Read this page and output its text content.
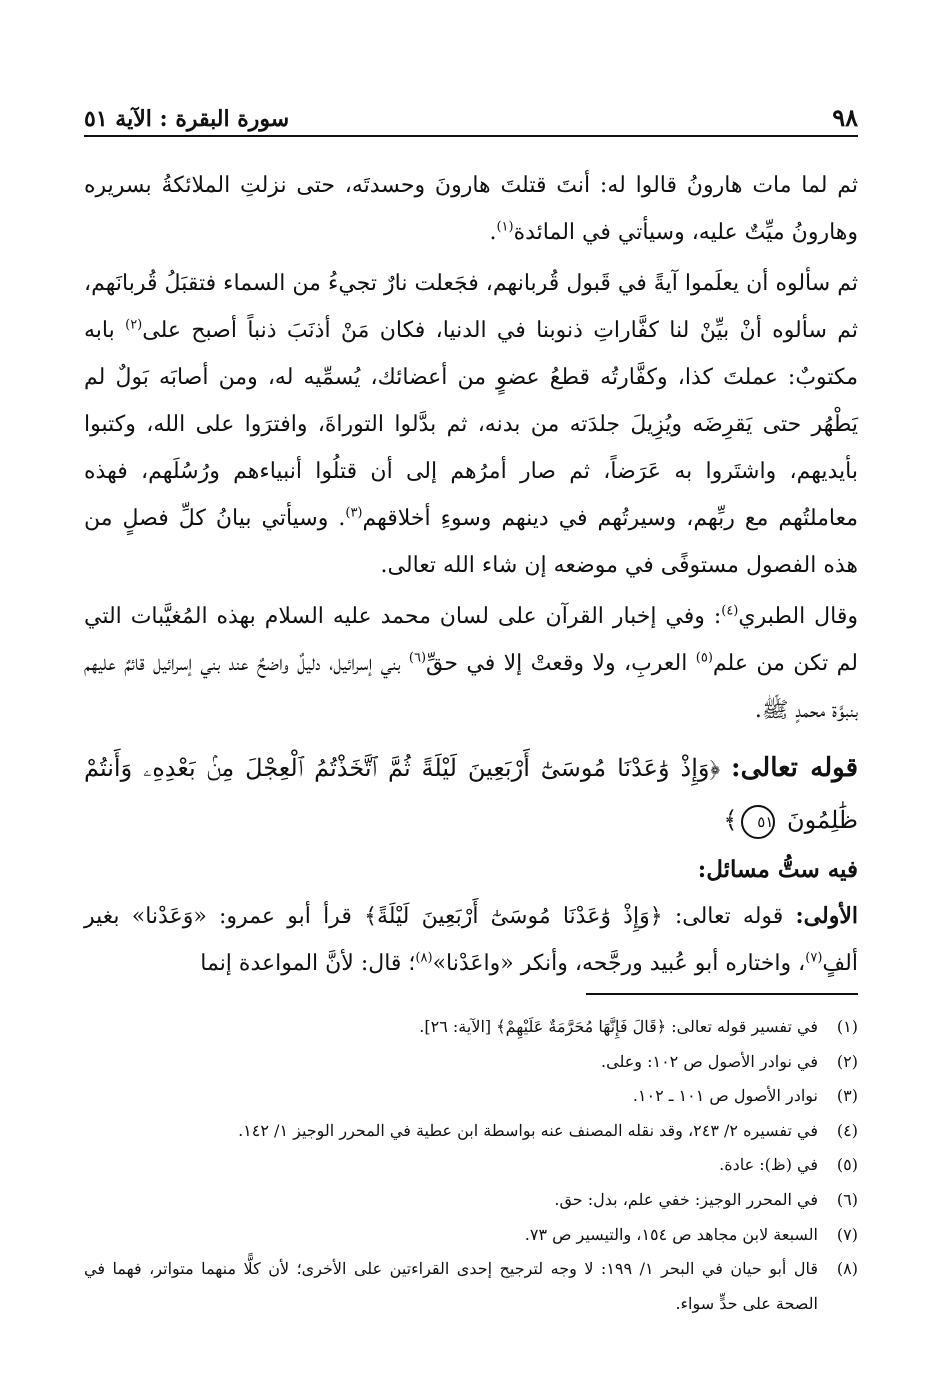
سورة البقرة : الآية ٥١	٩٨

ثم لما مات هارونُ قالوا له: أنتَ قتلتَ هارونَ وحسدتَه، حتى نزلتِ الملائكةُ بسريره وهارونُ ميِّتٌ عليه، وسيأتي في المائدة$^{(١)}$.

ثم سألوه أن يعلَموا آيةً في قَبول قُربانهم، فجَعلت نارٌ تجيءُ من السماء فتقبَلُ قُربانَهم، ثم سألوه أنْ بيِّنْ لنا كفَّاراتِ ذنوبنا في الدنيا، فكان مَنْ أذنَبَ ذنباً أصبح على$^{(٢)}$ بابه مكتوبٌ: عملتَ كذا، وكفَّارتُه قطعُ عضوٍ من أعضائك، يُسمِّيه له، ومن أصابَه بَولٌ لم يَطْهُر حتى يَقرِضَه ويُزِيلَ جلدَته من بدنه، ثم بدَّلوا التوراةَ، وافترَوا على الله، وكتبوا بأيديهم، واشتَروا به عَرَضاً، ثم صار أمرُهم إلى أن قتلُوا أنبياءهم ورُسُلَهم، فهذه معاملتُهم مع ربِّهم، وسيرتُهم في دينهم وسوءِ أخلاقهم$^{(٣)}$. وسيأتي بيانُ كلِّ فصلٍ من هذه الفصول مستوفًى في موضعه إن شاء الله تعالى.

وقال الطبري$^{(٤)}$: وفي إخبار القرآن على لسان محمد عليه السلام بهذه المُغيَّبات التي لم تكن من علم$^{(٥)}$ العربِ، ولا وقعتْ إلا في حقِّ$^{(٦)}$ بني إسرائيل، دليلٌ واضحٌ عند بني إسرائيل قائمٌ عليهم بنبوَّة محمدٍ ﷺ.

قوله تعالى: ﴿وَإِذْ وَٰعَدْنَا مُوسَىٰٓ أَرْبَعِينَ لَيْلَةً ثُمَّ ٱتَّخَذْتُمُ ٱلْعِجْلَ مِنۢ بَعْدِهِۦ وَأَنتُمْ ظَٰلِمُونَ ٥١﴾

فيه ستُّ مسائل:

الأولى: قوله تعالى: ﴿وَإِذْ وَٰعَدْنَا مُوسَىٰٓ أَرْبَعِينَ لَيْلَةً﴾ قرأ أبو عمرو: «وَعَدْنا» بغير ألفٍ$^{(٧)}$، واختاره أبو عُبيد ورجَّحه، وأنكر «واعَدْنا»$^{(٨)}$؛ قال: لأنَّ المواعدة إنما

(١)
في تفسير قوله تعالى: ﴿قَالَ فَإِنَّهَا مُحَرَّمَةٌ عَلَيْهِمْ﴾ [الآية: ٢٦].
(٢)
في نوادر الأصول ص ١٠٢: وعلى.
(٣)
نوادر الأصول ص ١٠١ ـ ١٠٢.
(٤)
في تفسيره ٢/ ٢٤٣، وقد نقله المصنف عنه بواسطة ابن عطية في المحرر الوجيز ١/ ١٤٢.
(٥)
في (ظ): عادة.
(٦)
في المحرر الوجيز: خفي علم، بدل: حق.
(٧)
السبعة لابن مجاهد ص ١٥٤، والتيسير ص ٧٣.
(٨)
قال أبو حيان في البحر ١/ ١٩٩: لا وجه لترجيح إحدى القراءتين على الأخرى؛ لأن كلًّا منهما متواتر، فهما في الصحة على حدٍّ سواء.
